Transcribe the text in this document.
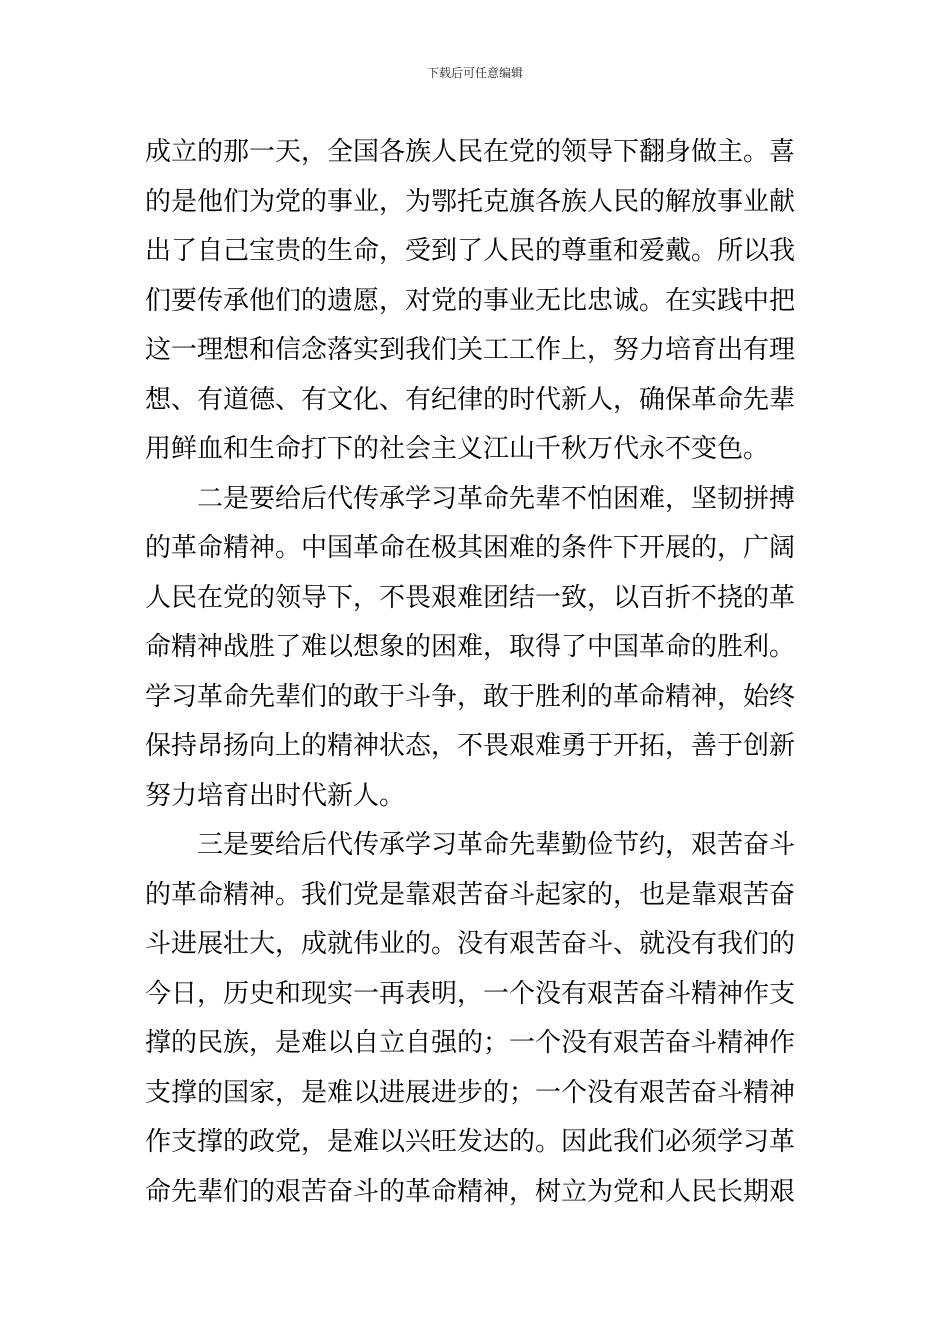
下载后可任意编辑
成立的那一天，全国各族人民在党的领导下翻身做主。喜
的是他们为党的事业，为鄂托克旗各族人民的解放事业献
出了自己宝贵的生命，受到了人民的尊重和爱戴。所以我
们要传承他们的遗愿，对党的事业无比忠诚。在实践中把
这一理想和信念落实到我们关工工作上，努力培育出有理
想、有道德、有文化、有纪律的时代新人，确保革命先辈
用鲜血和生命打下的社会主义江山千秋万代永不变色。
二是要给后代传承学习革命先辈不怕困难，坚韧拼搏
的革命精神。中国革命在极其困难的条件下开展的，广阔
人民在党的领导下，不畏艰难团结一致，以百折不挠的革
命精神战胜了难以想象的困难，取得了中国革命的胜利。
学习革命先辈们的敢于斗争，敢于胜利的革命精神，始终
保持昂扬向上的精神状态，不畏艰难勇于开拓，善于创新
努力培育出时代新人。
三是要给后代传承学习革命先辈勤俭节约，艰苦奋斗
的革命精神。我们党是靠艰苦奋斗起家的，也是靠艰苦奋
斗进展壮大，成就伟业的。没有艰苦奋斗、就没有我们的
今日，历史和现实一再表明，一个没有艰苦奋斗精神作支
撑的民族，是难以自立自强的；一个没有艰苦奋斗精神作
支撑的国家，是难以进展进步的；一个没有艰苦奋斗精神
作支撑的政党，是难以兴旺发达的。因此我们必须学习革
命先辈们的艰苦奋斗的革命精神，树立为党和人民长期艰
